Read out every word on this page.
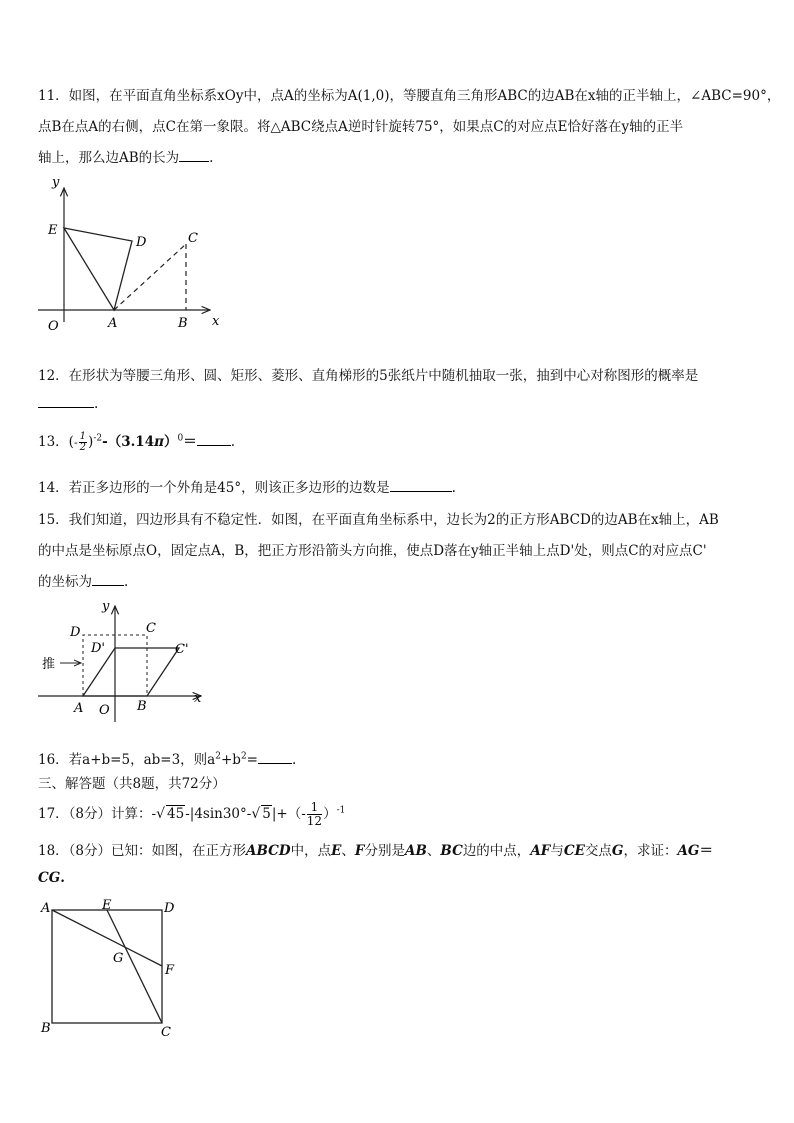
11．如图，在平面直角坐标系xOy中，点A的坐标为A(1,0)，等腰直角三角形ABC的边AB在x轴的正半轴上，∠ABC=90°，
点B在点A的右侧，点C在第一象限。将△ABC绕点A逆时针旋转75°，如果点C的对应点E恰好落在y轴的正半
轴上，那么边AB的长为 .
y
E
D	C
O	A	B x
12．在形状为等腰三角形、圆、矩形、菱形、直角梯形的5张纸片中随机抽取一张，抽到中心对称图形的概率是
.
13．(- $\frac{1}{2} )^{-2}-(3.14\pi)^0=$	.
14．若正多边形的一个外角是45°，则该正多边形的边数是	.
15．我们知道，四边形具有不稳定性．如图，在平面直角坐标系中，边长为2的正方形ABCD的边AB在x轴上，AB
的中点是坐标原点O，固定点A，B，把正方形沿箭头方向推，使点D落在y轴正半轴上点D'处，则点C的对应点C'
的坐标为 .
y
D	C
D'	C'
推
A O B
x
16．若a+b=5，ab=3，则$a^2+b^2=$	.
三、解答题（共8题，共72分）
17．（8分）计算：-√ 45-|4sin30°-√ $5|+(- \frac{1}{12} )^{-1}$
18．（8分）已知：如图，在正方形ABCD中，点E、F分别是AB、BC边的中点，AF与CE交点G，求证：AG＝
CG.
A	E	D
G
F
B	C
